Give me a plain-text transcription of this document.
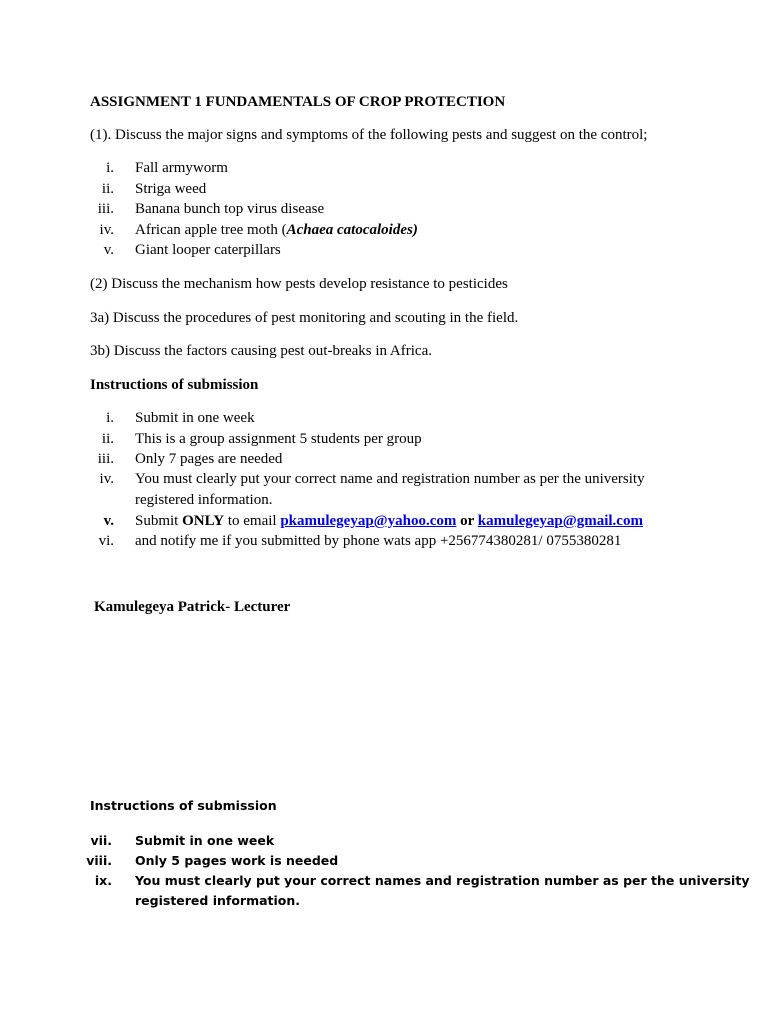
ASSIGNMENT 1 FUNDAMENTALS OF CROP PROTECTION
(1). Discuss the major signs and symptoms of the following pests and suggest on the control;
i. Fall armyworm
ii. Striga weed
iii. Banana bunch top virus disease
iv. African apple tree moth (Achaea catocaloides)
v. Giant looper caterpillars
(2) Discuss the mechanism how pests develop resistance to pesticides
3a) Discuss the procedures of pest monitoring and scouting in the field.
3b) Discuss the factors causing pest out-breaks in Africa.
Instructions of submission
i. Submit in one week
ii. This is a group assignment 5 students per group
iii. Only 7 pages are needed
iv. You must clearly put your correct name and registration number as per the university
registered information.
v. Submit ONLY to email pkamulegeyap@yahoo.com or kamulegeyap@gmail.com
vi. and notify me if you submitted by phone wats app +256774380281/ 0755380281
Kamulegeya Patrick- Lecturer
Instructions of submission
vii. Submit in one week
viii. Only 5 pages work is needed
ix. You must clearly put your correct names and registration number as per the university
registered information.
